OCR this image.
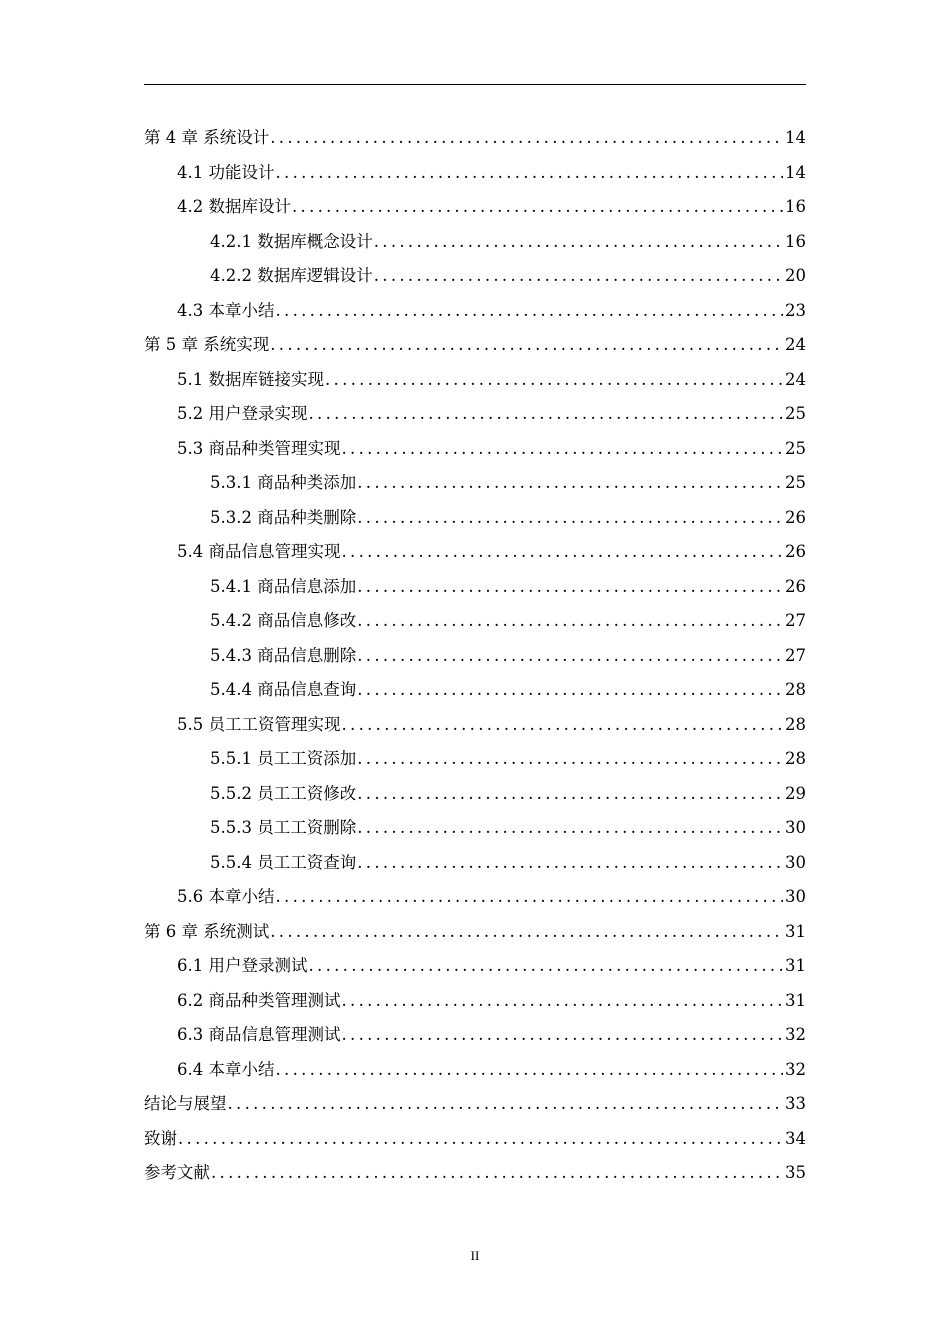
第 4 章 系统设计 .....	14
4.1 功能设计 .....	14
4.2 数据库设计 .....	16
4.2.1 数据库概念设计 .....	16
4.2.2 数据库逻辑设计 .....	20
4.3 本章小结 .....	23
第 5 章 系统实现 .....	24
5.1 数据库链接实现 .....	24
5.2 用户登录实现 .....	25
5.3 商品种类管理实现 .....	25
5.3.1 商品种类添加 .....	25
5.3.2 商品种类删除 .....	26
5.4 商品信息管理实现 .....	26
5.4.1 商品信息添加 .....	26
5.4.2 商品信息修改 .....	27
5.4.3 商品信息删除 .....	27
5.4.4 商品信息查询 .....	28
5.5 员工工资管理实现 .....	28
5.5.1 员工工资添加 .....	28
5.5.2 员工工资修改 .....	29
5.5.3 员工工资删除 .....	30
5.5.4 员工工资查询 .....	30
5.6 本章小结 .....	30
第 6 章 系统测试 .....	31
6.1 用户登录测试 .....	31
6.2 商品种类管理测试 .....	31
6.3 商品信息管理测试 .....	32
6.4 本章小结 .....	32
结论与展望 .....	33
致谢 .....	34
参考文献 .....	35
II
